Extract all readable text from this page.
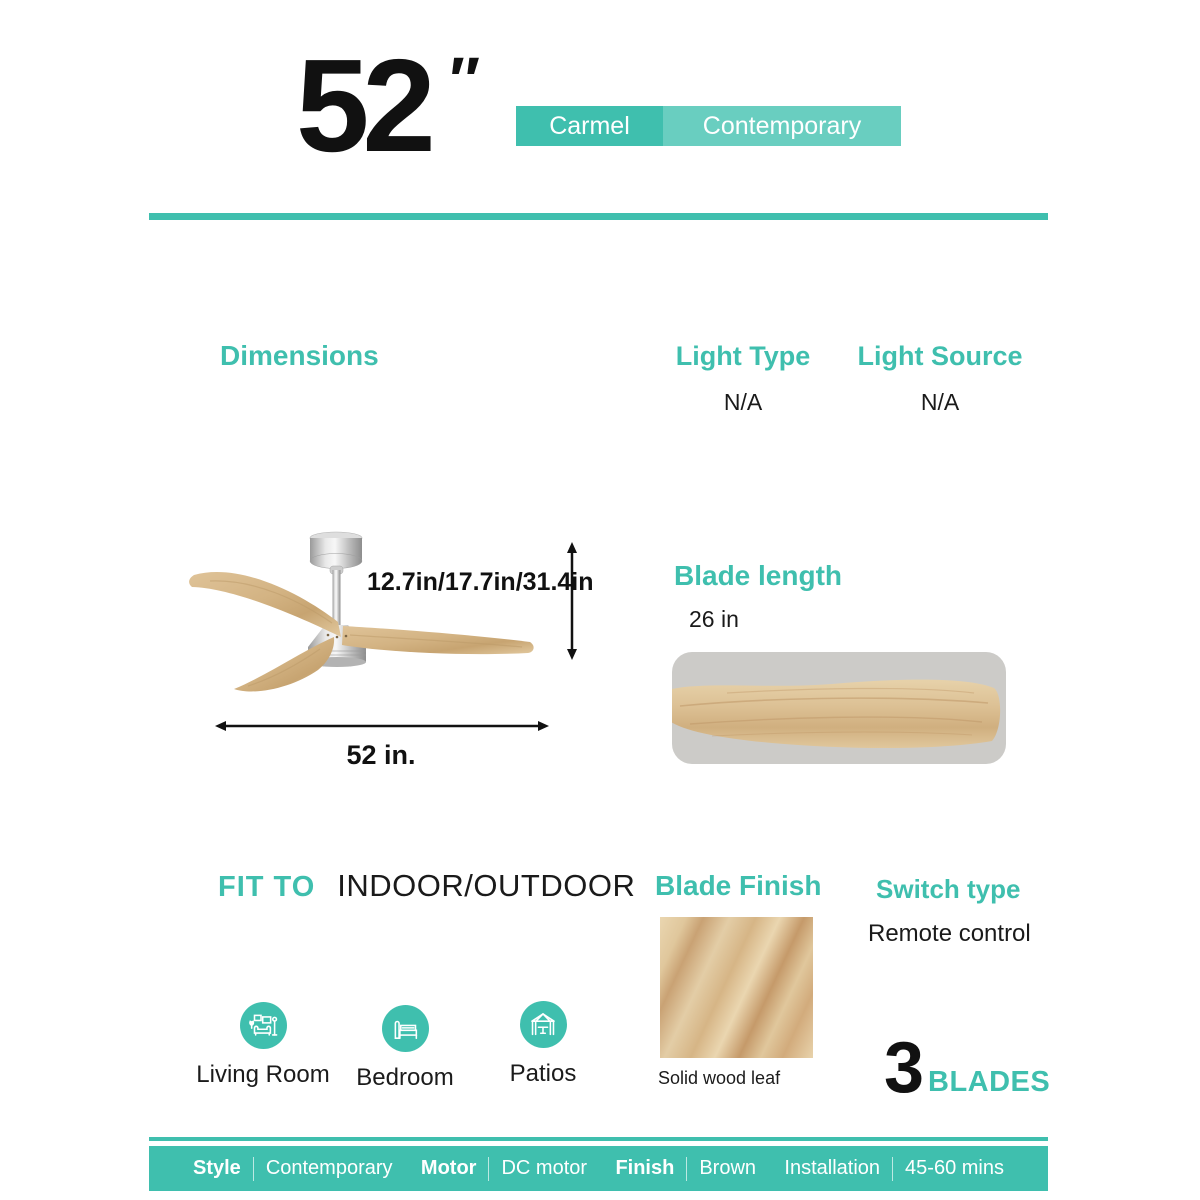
52 ″
Carmel	Contemporary
Dimensions	Light Type
N/A
Light Source
N/A
12.7in/17.7in/31.4in
52 in.
Blade length
26 in
FIT TO INDOOR/OUTDOOR
Living Room	Bedroom	Patios
Blade Finish
Solid wood leaf
Switch type
Remote control
3 BLADES
Style Contemporary Motor DC motor Finish Brown Installation 45-60 mins
